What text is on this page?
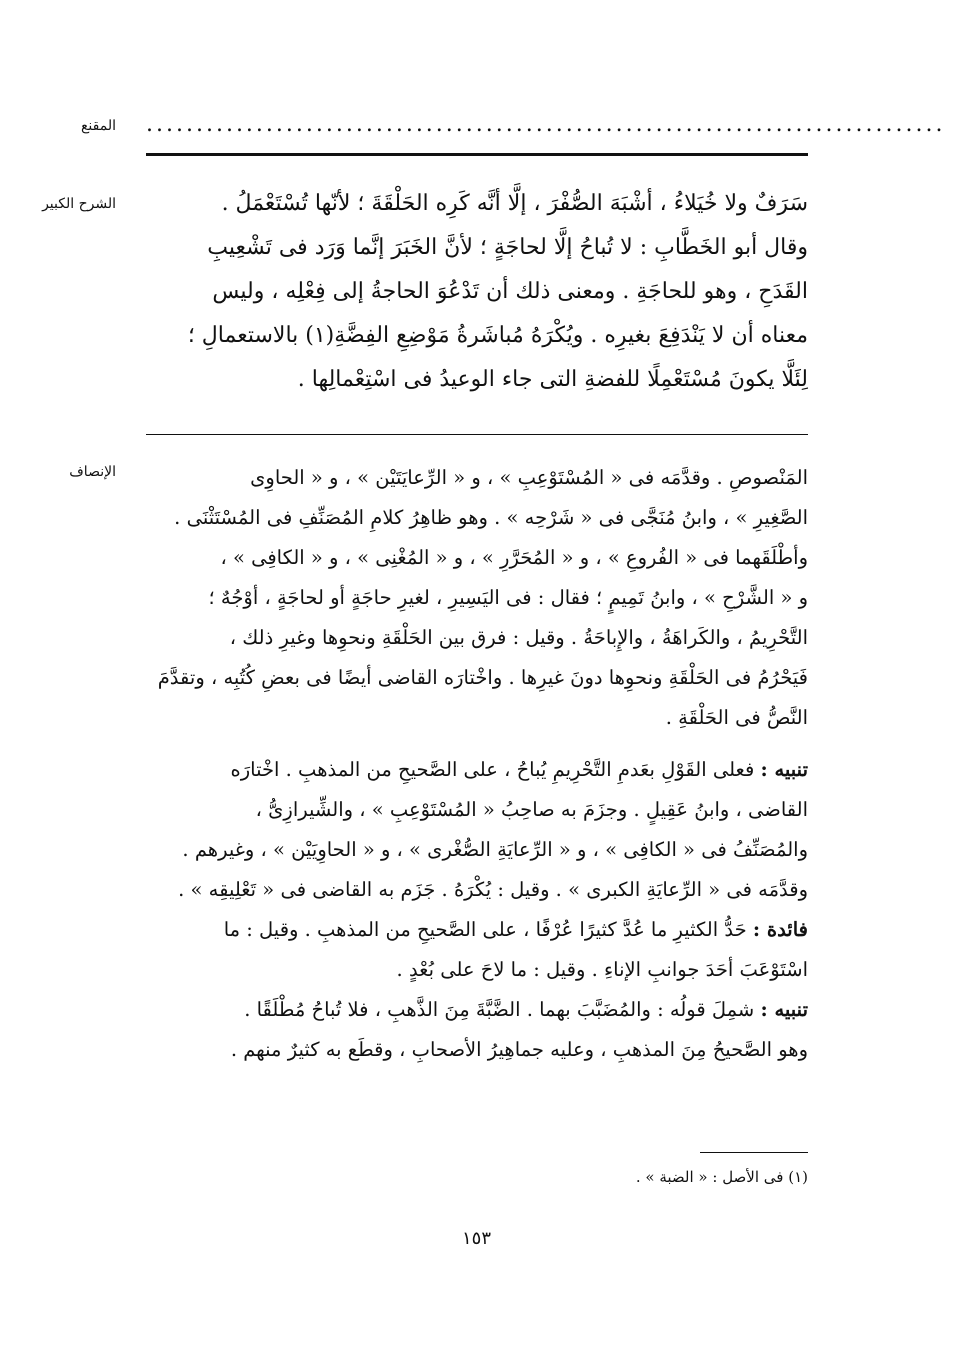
المقنع ................................................................................
الشرح الكبير	سَرَفٌ ولا خُيَلاءُ ، أشْبَهَ الصُّفْرَ ، إلَّا أنَّه كَرِه الحَلْقَةَ ؛ لأنّها تُسْتَعْمَلُ .
وقال أبو الخَطَّابِ : لا تُباحُ إلَّا لحاجَةٍ ؛ لأنَّ الخَبَرَ إنَّما وَرَد فى تَشْعِيبِ
القَدَحِ ، وهو للحاجَةِ . ومعنى ذلك أن تَدْعُوَ الحاجةُ إلى فِعْلِه ، وليس
معناه أن لا يَنْدَفِعَ بغيرِه . ويُكْرَهُ مُباشَرةُ مَوْضِعِ الفِضَّةِ(١) بالاستعمالِ ؛
لِئَلَّا يكونَ مُسْتَعْمِلًا للفضةِ التى جاء الوعيدُ فى اسْتِعْمالِها .
الإنصاف	المَنْصوصِ . وقدَّمَه فى « المُسْتَوْعِبِ » ، و « الرِّعايَتَيْن » ، و « الحاوِى
الصَّغِيرِ » ، وابنُ مُنَجَّى فى « شَرْحِه » . وهو ظاهِرُ كلامِ المُصَنِّفِ فى المُسْتَثْنَى .
وأطْلَقَهما فى « الفُروعِ » ، و « المُحَرَّرِ » ، و « المُغْنِى » ، و « الكافِى » ،
و « الشَّرْحِ » ، وابنُ تَمِيمٍ ؛ فقال : فى اليَسِيرِ ، لغيرِ حاجَةٍ أو لحاجَةٍ ، أوْجُهٌ ؛
التَّحْرِيمُ ، والكَراهَةُ ، والإِباحَةُ . وقيل : فرق بين الحَلْقَةِ ونحوِها وغيرِ ذلك ،
فَيَحْرُمُ فى الحَلْقَةِ ونحوِها دونَ غيرِها . واخْتارَه القاضى أيضًا فى بعضِ كُتُبِه ، وتقدَّمَ
النَّصُّ فى الحَلْقَةِ .
تنبيه : فعلى القَوْلِ بعَدمِ التَّحْرِيمِ يُباحُ ، على الصَّحيحِ من المذهبِ . اخْتارَه
القاضى ، وابنُ عَقِيلٍ . وجزَمَ به صاحِبُ « المُسْتَوْعِبِ » ، والشِّيرازِىُّ ،
والمُصَنِّفُ فى « الكافِى » ، و « الرِّعايَةِ الصُّغْرى » ، و « الحاوِيَيْن » ، وغيرهم .
وقدَّمَه فى « الرِّعايَةِ الكبرى » . وقيل : يُكْرَهُ . جَزَم به القاضى فى « تَعْلِيقِه » .
فائدة : حَدُّ الكثيرِ ما عُدَّ كثيرًا عُرْفًا ، على الصَّحيحِ من المذهبِ . وقيل : ما
اسْتَوْعَبَ أحَدَ جوانبِ الإناءِ . وقيل : ما لاحَ على بُعْدٍ .
تنبيه : شمِلَ قولُه : والمُضَبَّبَ بهما . الضَّبَّةَ مِنَ الذَّهبِ ، فلا تُباحُ مُطْلَقًا .
وهو الصَّحيحُ مِنَ المذهبِ ، وعليه جماهِيرُ الأصحابِ ، وقطَع به كثيرٌ منهم .
(١) فى الأصل : « الضبة » .
١٥٣
